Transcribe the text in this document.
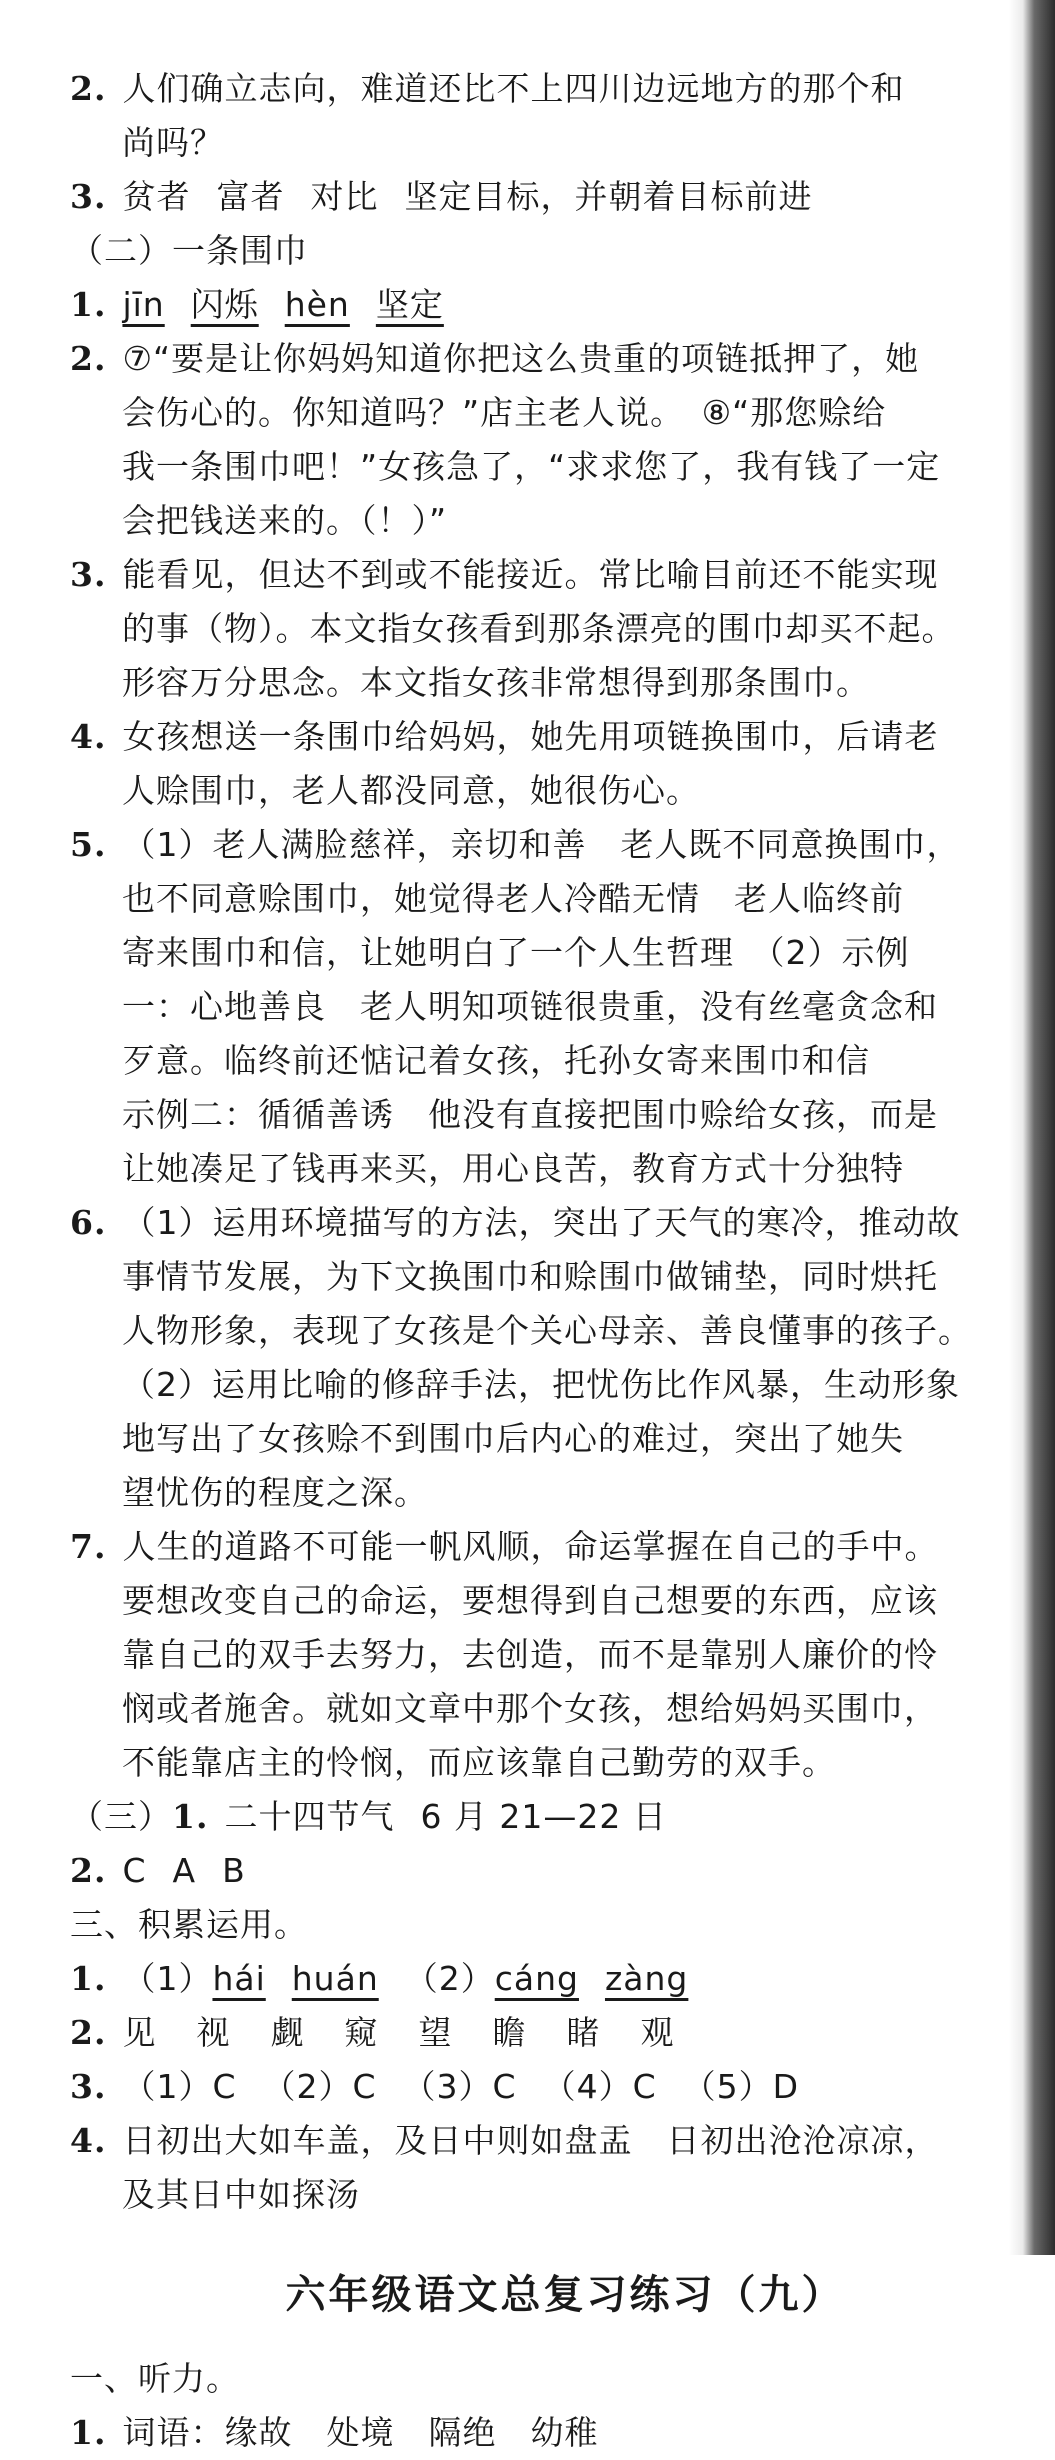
2. 人们确立志向，难道还比不上四川边远地方的那个和
尚吗？
3. 贫者 富者 对比 坚定目标，并朝着目标前进
（二）一条围巾
1. jīn 闪烁 hèn 坚定
2. ⑦“要是让你妈妈知道你把这么贵重的项链抵押了，她
会伤心的。你知道吗？”店主老人说。　⑧“那您赊给
我一条围巾吧！”女孩急了，“求求您了，我有钱了一定
会把钱送来的。（！）”
3. 能看见，但达不到或不能接近。常比喻目前还不能实现
的事（物）。本文指女孩看到那条漂亮的围巾却买不起。
形容万分思念。本文指女孩非常想得到那条围巾。
4. 女孩想送一条围巾给妈妈，她先用项链换围巾，后请老
人赊围巾，老人都没同意，她很伤心。
5. （1）老人满脸慈祥，亲切和善　老人既不同意换围巾，
也不同意赊围巾，她觉得老人冷酷无情　老人临终前
寄来围巾和信，让她明白了一个人生哲理　（2）示例
一：心地善良　老人明知项链很贵重，没有丝毫贪念和
歹意。临终前还惦记着女孩，托孙女寄来围巾和信
示例二：循循善诱　他没有直接把围巾赊给女孩，而是
让她凑足了钱再来买，用心良苦，教育方式十分独特
6. （1）运用环境描写的方法，突出了天气的寒冷，推动故
事情节发展，为下文换围巾和赊围巾做铺垫，同时烘托
人物形象，表现了女孩是个关心母亲、善良懂事的孩子。
（2）运用比喻的修辞手法，把忧伤比作风暴，生动形象
地写出了女孩赊不到围巾后内心的难过，突出了她失
望忧伤的程度之深。
7. 人生的道路不可能一帆风顺，命运掌握在自己的手中。
要想改变自己的命运，要想得到自己想要的东西，应该
靠自己的双手去努力，去创造，而不是靠别人廉价的怜
悯或者施舍。就如文章中那个女孩，想给妈妈买围巾，
不能靠店主的怜悯，而应该靠自己勤劳的双手。
（三）1. 二十四节气 6 月 21—22 日
2. C A B
三、积累运用。
1. （1）hái huán （2）cáng zàng
2. 见 视 觑 窥 望 瞻 睹 观
3. （1）C （2）C （3）C （4）C （5）D
4. 日初出大如车盖，及日中则如盘盂　日初出沧沧凉凉，
及其日中如探汤
六年级语文总复习练习（九）
一、听力。
1. 词语：缘故　处境　隔绝　幼稚
